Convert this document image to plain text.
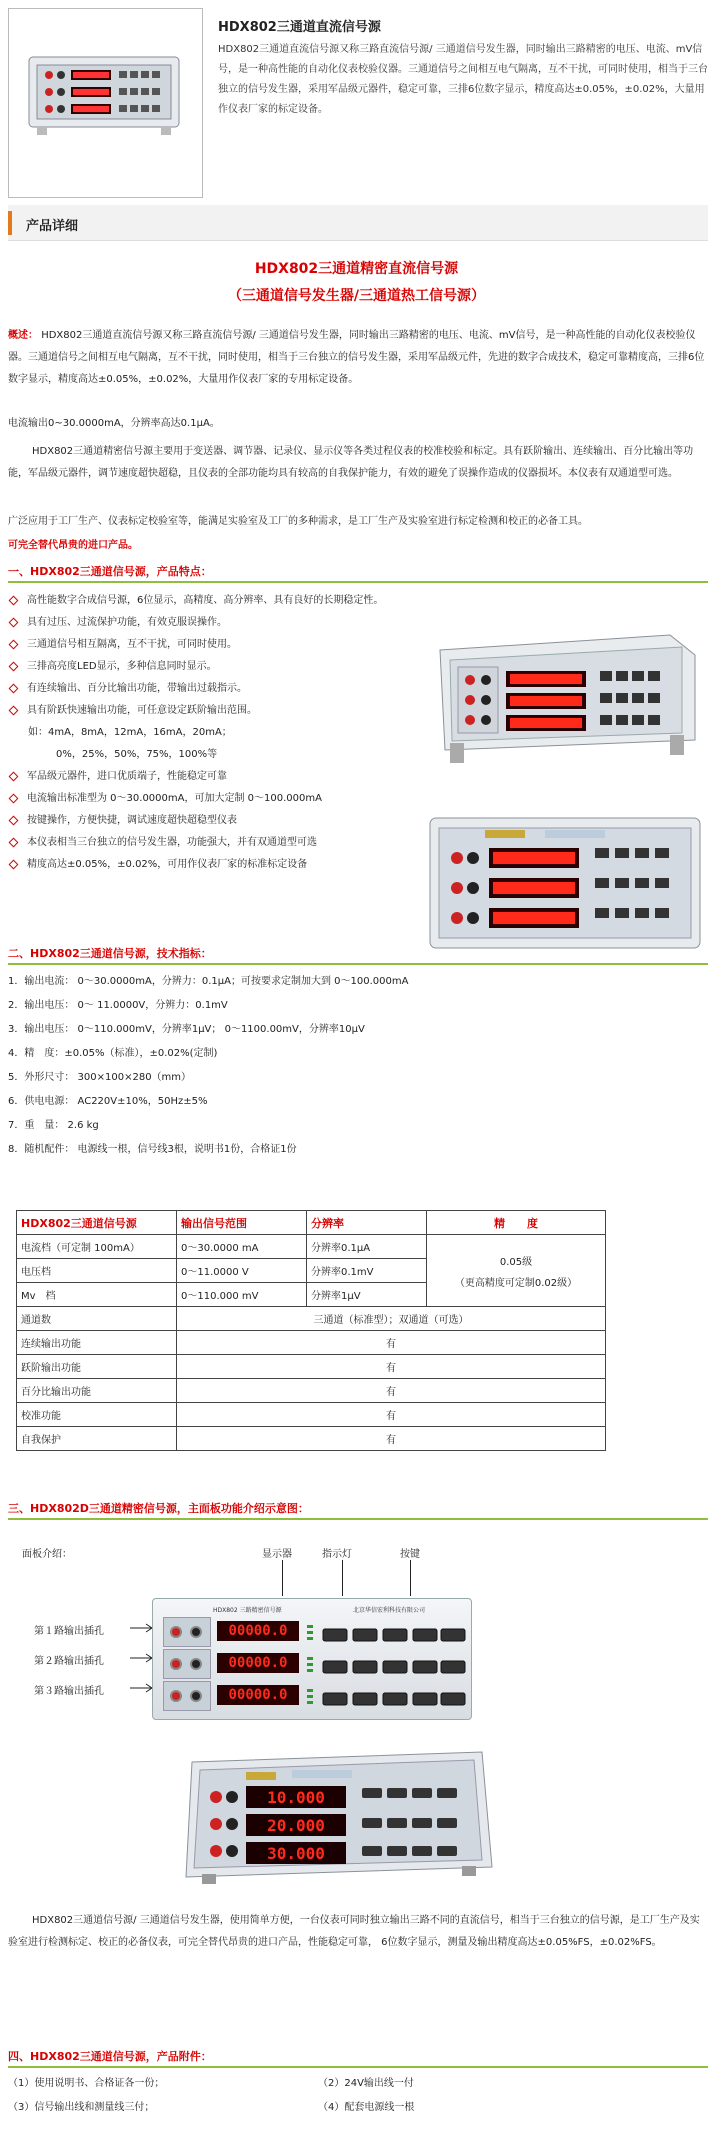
HDX802三通道直流信号源
HDX802三通道直流信号源又称三路直流信号源/ 三通道信号发生器，同时输出三路精密的电压、电流、mV信号，是一种高性能的自动化仪表校验仪器。三通道信号之间相互电气隔离，互不干扰，可同时使用，相当于三台独立的信号发生器，采用军品级元器件，稳定可靠，三排6位数字显示，精度高达±0.05%，±0.02%，大量用作仪表厂家的标定设备。
产品详细
HDX802三通道精密直流信号源
（三通道信号发生器/三通道热工信号源）
概述： HDX802三通道直流信号源又称三路直流信号源/ 三通道信号发生器，同时输出三路精密的电压、电流、mV信号，是一种高性能的自动化仪表校验仪器。三通道信号之间相互电气隔离，互不干扰，同时使用，相当于三台独立的信号发生器，采用军品级元件，先进的数字合成技术，稳定可靠精度高，三排6位数字显示，精度高达±0.05%，±0.02%，大量用作仪表厂家的专用标定设备。
电流输出0~30.0000mA，分辨率高达0.1μA。
HDX802三通道精密信号源主要用于变送器、调节器、记录仪、显示仪等各类过程仪表的校准校验和标定。具有跃阶输出、连续输出、百分比输出等功能，军品级元器件，调节速度超快超稳，且仪表的全部功能均具有较高的自我保护能力，有效的避免了误操作造成的仪器损坏。本仪表有双通道型可选。
广泛应用于工厂生产、仪表标定校验室等，能满足实验室及工厂的多种需求，是工厂生产及实验室进行标定检测和校正的必备工具。
可完全替代昂贵的进口产品。
一、HDX802三通道信号源，产品特点：
高性能数字合成信号源，6位显示，高精度、高分辨率、具有良好的长期稳定性。
具有过压、过流保护功能，有效克服误操作。
三通道信号相互隔离，互不干扰，可同时使用。
三排高亮度LED显示，多种信息同时显示。
有连续输出、百分比输出功能，带输出过载指示。
具有阶跃快速输出功能，可任意设定跃阶输出范围。
如：4mA，8mA，12mA，16mA，20mA；
0%，25%，50%，75%，100%等
军品级元器件，进口优质端子，性能稳定可靠
电流输出标准型为 0～30.0000mA，可加大定制 0～100.000mA
按键操作，方便快捷，调试速度超快超稳型仪表
本仪表相当三台独立的信号发生器，功能强大，并有双通道型可选
精度高达±0.05%，±0.02%，可用作仪表厂家的标准标定设备
二、HDX802三通道信号源，技术指标：
1．输出电流： 0～30.0000mA，分辨力：0.1μA；可按要求定制加大到 0～100.000mA
2．输出电压： 0～ 11.0000V，分辨力：0.1mV
3．输出电压： 0～110.000mV，分辨率1μV； 0～1100.00mV，分辨率10μV
4．精　度：±0.05%（标准），±0.02%(定制)
5．外形尺寸： 300×100×280（mm）
6．供电电源： AC220V±10%，50Hz±5%
7．重　量： 2.6 kg
8．随机配件： 电源线一根，信号线3根，说明书1份，合格证1份
HDX802三通道信号源	输出信号范围	分辨率	精　　度
电流档（可定制 100mA）	0～30.0000 mA	分辨率0.1μA	0.05级
（更高精度可定制0.02级）

电压档	0～11.0000 V	分辨率0.1mV	
Mv　档	0～110.000 mV	分辨率1μV	
通道数	三通道（标准型）；双通道（可选）		
连续输出功能	有		
跃阶输出功能	有		
百分比输出功能	有		
校准功能	有		
自我保护	有		
三、HDX802D三通道精密信号源，主面板功能介绍示意图：
面板介绍：	显示器	指示灯	按键
第１路输出插孔
第２路输出插孔
第３路输出插孔
HDX802 三路精密信号源	北京华信宏利科技有限公司
00000.0
00000.0
00000.0
10.000
20.000
30.000
HDX802三通道信号源/ 三通道信号发生器，使用简单方便，一台仪表可同时独立输出三路不同的直流信号，相当于三台独立的信号源，是工厂生产及实验室进行检测标定、校正的必备仪表，可完全替代昂贵的进口产品，性能稳定可靠， 6位数字显示，测量及输出精度高达±0.05%FS，±0.02%FS。
四、HDX802三通道信号源，产品附件：
（1）使用说明书、合格证各一份；	（2）24V输出线一付
（3）信号输出线和测量线三付；	（4）配套电源线一根
